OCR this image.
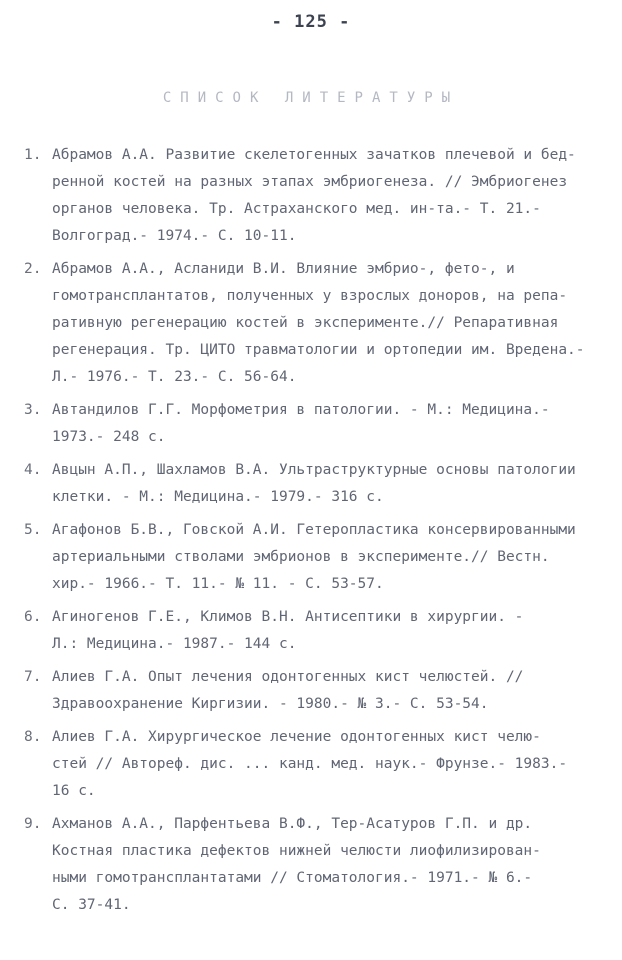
- 125 -
СПИСОК ЛИТЕРАТУРЫ
1. Абрамов А.А. Развитие скелетогенных зачатков плечевой и бед-
ренной костей на разных этапах эмбриогенеза. // Эмбриогенез
органов человека. Тр. Астраханского мед. ин-та.- Т. 21.-
Волгоград.- 1974.- С. 10-11.
2. Абрамов А.А., Асланиди В.И. Влияние эмбрио-, фето-, и
гомотрансплантатов, полученных у взрослых доноров, на репа-
ративную регенерацию костей в эксперименте.// Репаративная
регенерация. Тр. ЦИТО травматологии и ортопедии им. Вредена.-
Л.- 1976.- Т. 23.- С. 56-64.
3. Автандилов Г.Г. Морфометрия в патологии. - М.: Медицина.-
1973.- 248 с.
4. Авцын А.П., Шахламов В.А. Ультраструктурные основы патологии
клетки. - М.: Медицина.- 1979.- 316 с.
5. Агафонов Б.В., Говской А.И. Гетеропластика консервированными
артериальными стволами эмбрионов в эксперименте.// Вестн.
хир.- 1966.- Т. 11.- № 11. - С. 53-57.
6. Агиногенов Г.Е., Климов В.Н. Антисептики в хирургии. -
Л.: Медицина.- 1987.- 144 с.
7. Алиев Г.А. Опыт лечения одонтогенных кист челюстей. //
Здравоохранение Киргизии. - 1980.- № 3.- С. 53-54.
8. Алиев Г.А. Хирургическое лечение одонтогенных кист челю-
стей // Автореф. дис. ... канд. мед. наук.- Фрунзе.- 1983.-
16 с.
9. Ахманов А.А., Парфентьева В.Ф., Тер-Асатуров Г.П. и др.
Костная пластика дефектов нижней челюсти лиофилизирован-
ными гомотрансплантатами // Стоматология.- 1971.- № 6.-
С. 37-41.
